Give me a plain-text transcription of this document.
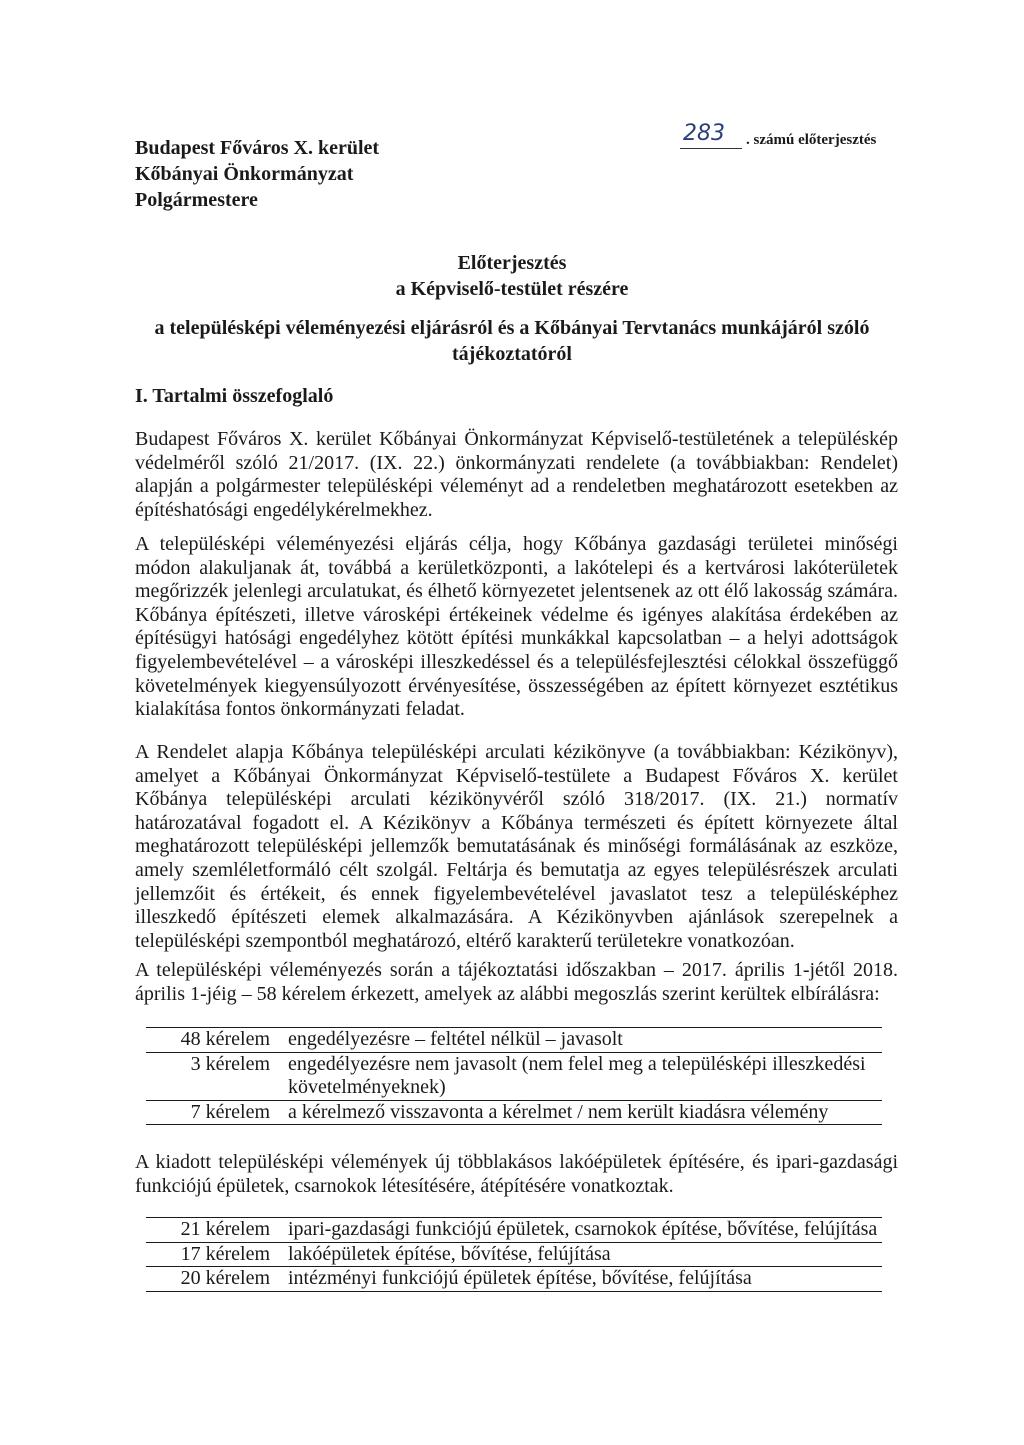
283 . számú előterjesztés
Budapest Főváros X. kerület
Kőbányai Önkormányzat
Polgármestere
Előterjesztés
a Képviselő-testület részére
a településképi véleményezési eljárásról és a Kőbányai Tervtanács munkájáról szóló
tájékoztatóról
I. Tartalmi összefoglaló
Budapest Főváros X. kerület Kőbányai Önkormányzat Képviselő-testületének a településkép védelméről szóló 21/2017. (IX. 22.) önkormányzati rendelete (a továbbiakban: Rendelet) alapján a polgármester településképi véleményt ad a rendeletben meghatározott esetekben az építéshatósági engedélykérelmekhez.
A településképi véleményezési eljárás célja, hogy Kőbánya gazdasági területei minőségi módon alakuljanak át, továbbá a kerületközponti, a lakótelepi és a kertvárosi lakóterületek megőrizzék jelenlegi arculatukat, és élhető környezetet jelentsenek az ott élő lakosság számára. Kőbánya építészeti, illetve városképi értékeinek védelme és igényes alakítása érdekében az építésügyi hatósági engedélyhez kötött építési munkákkal kapcsolatban – a helyi adottságok figyelembevételével – a városképi illeszkedéssel és a településfejlesztési célokkal összefüggő követelmények kiegyensúlyozott érvényesítése, összességében az épített környezet esztétikus kialakítása fontos önkormányzati feladat.
A Rendelet alapja Kőbánya településképi arculati kézikönyve (a továbbiakban: Kézikönyv), amelyet a Kőbányai Önkormányzat Képviselő-testülete a Budapest Főváros X. kerület Kőbánya településképi arculati kézikönyvéről szóló 318/2017. (IX. 21.) normatív határozatával fogadott el. A Kézikönyv a Kőbánya természeti és épített környezete által meghatározott településképi jellemzők bemutatásának és minőségi formálásának az eszköze, amely szemléletformáló célt szolgál. Feltárja és bemutatja az egyes településrészek arculati jellemzőit és értékeit, és ennek figyelembevételével javaslatot tesz a településképhez illeszkedő építészeti elemek alkalmazására. A Kézikönyvben ajánlások szerepelnek a településképi szempontból meghatározó, eltérő karakterű területekre vonatkozóan.
A településképi véleményezés során a tájékoztatási időszakban – 2017. április 1-jétől 2018. április 1-jéig – 58 kérelem érkezett, amelyek az alábbi megoszlás szerint kerültek elbírálásra:
48 kérelem	engedélyezésre – feltétel nélkül – javasolt
3 kérelem	engedélyezésre nem javasolt (nem felel meg a településképi illeszkedési követelményeknek)
7 kérelem	a kérelmező visszavonta a kérelmet / nem került kiadásra vélemény
A kiadott településképi vélemények új többlakásos lakóépületek építésére, és ipari-gazdasági funkciójú épületek, csarnokok létesítésére, átépítésére vonatkoztak.
21 kérelem	ipari-gazdasági funkciójú épületek, csarnokok építése, bővítése, felújítása
17 kérelem	lakóépületek építése, bővítése, felújítása
20 kérelem	intézményi funkciójú épületek építése, bővítése, felújítása
